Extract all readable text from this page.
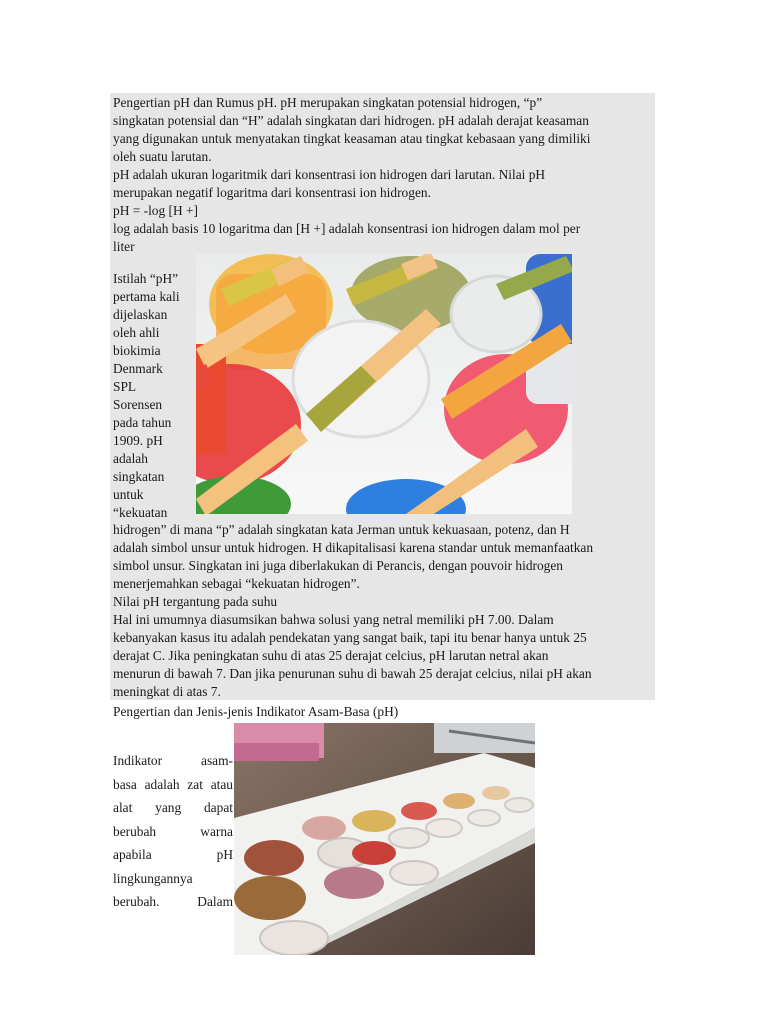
Pengertian pH dan Rumus pH. pH merupakan singkatan potensial hidrogen, “p”
singkatan potensial dan “H” adalah singkatan dari hidrogen. pH adalah derajat keasaman
yang digunakan untuk menyatakan tingkat keasaman atau tingkat kebasaan yang dimiliki
oleh suatu larutan.
pH adalah ukuran logaritmik dari konsentrasi ion hidrogen dari larutan. Nilai pH
merupakan negatif logaritma dari konsentrasi ion hidrogen.
pH = -log [H +]
log adalah basis 10 logaritma dan [H +] adalah konsentrasi ion hidrogen dalam mol per
liter
Istilah “pH”
pertama kali
dijelaskan
oleh ahli
biokimia
Denmark
SPL
Sorensen
pada tahun
1909. pH
adalah
singkatan
untuk
“kekuatan
hidrogen” di mana “p” adalah singkatan kata Jerman untuk kekuasaan, potenz, dan H
adalah simbol unsur untuk hidrogen. H dikapitalisasi karena standar untuk memanfaatkan
simbol unsur. Singkatan ini juga diberlakukan di Perancis, dengan pouvoir hidrogen
menerjemahkan sebagai “kekuatan hidrogen”.
Nilai pH tergantung pada suhu
Hal ini umumnya diasumsikan bahwa solusi yang netral memiliki pH 7.00. Dalam
kebanyakan kasus itu adalah pendekatan yang sangat baik, tapi itu benar hanya untuk 25
derajat C. Jika peningkatan suhu di atas 25 derajat celcius, pH larutan netral akan
menurun di bawah 7. Dan jika penurunan suhu di bawah 25 derajat celcius, nilai pH akan
meningkat di atas 7.
Pengertian dan Jenis-jenis Indikator Asam-Basa (pH)
Indikator asam-
basa adalah zat atau
alat yang dapat
berubah warna
apabila pH
lingkungannya
berubah. Dalam
